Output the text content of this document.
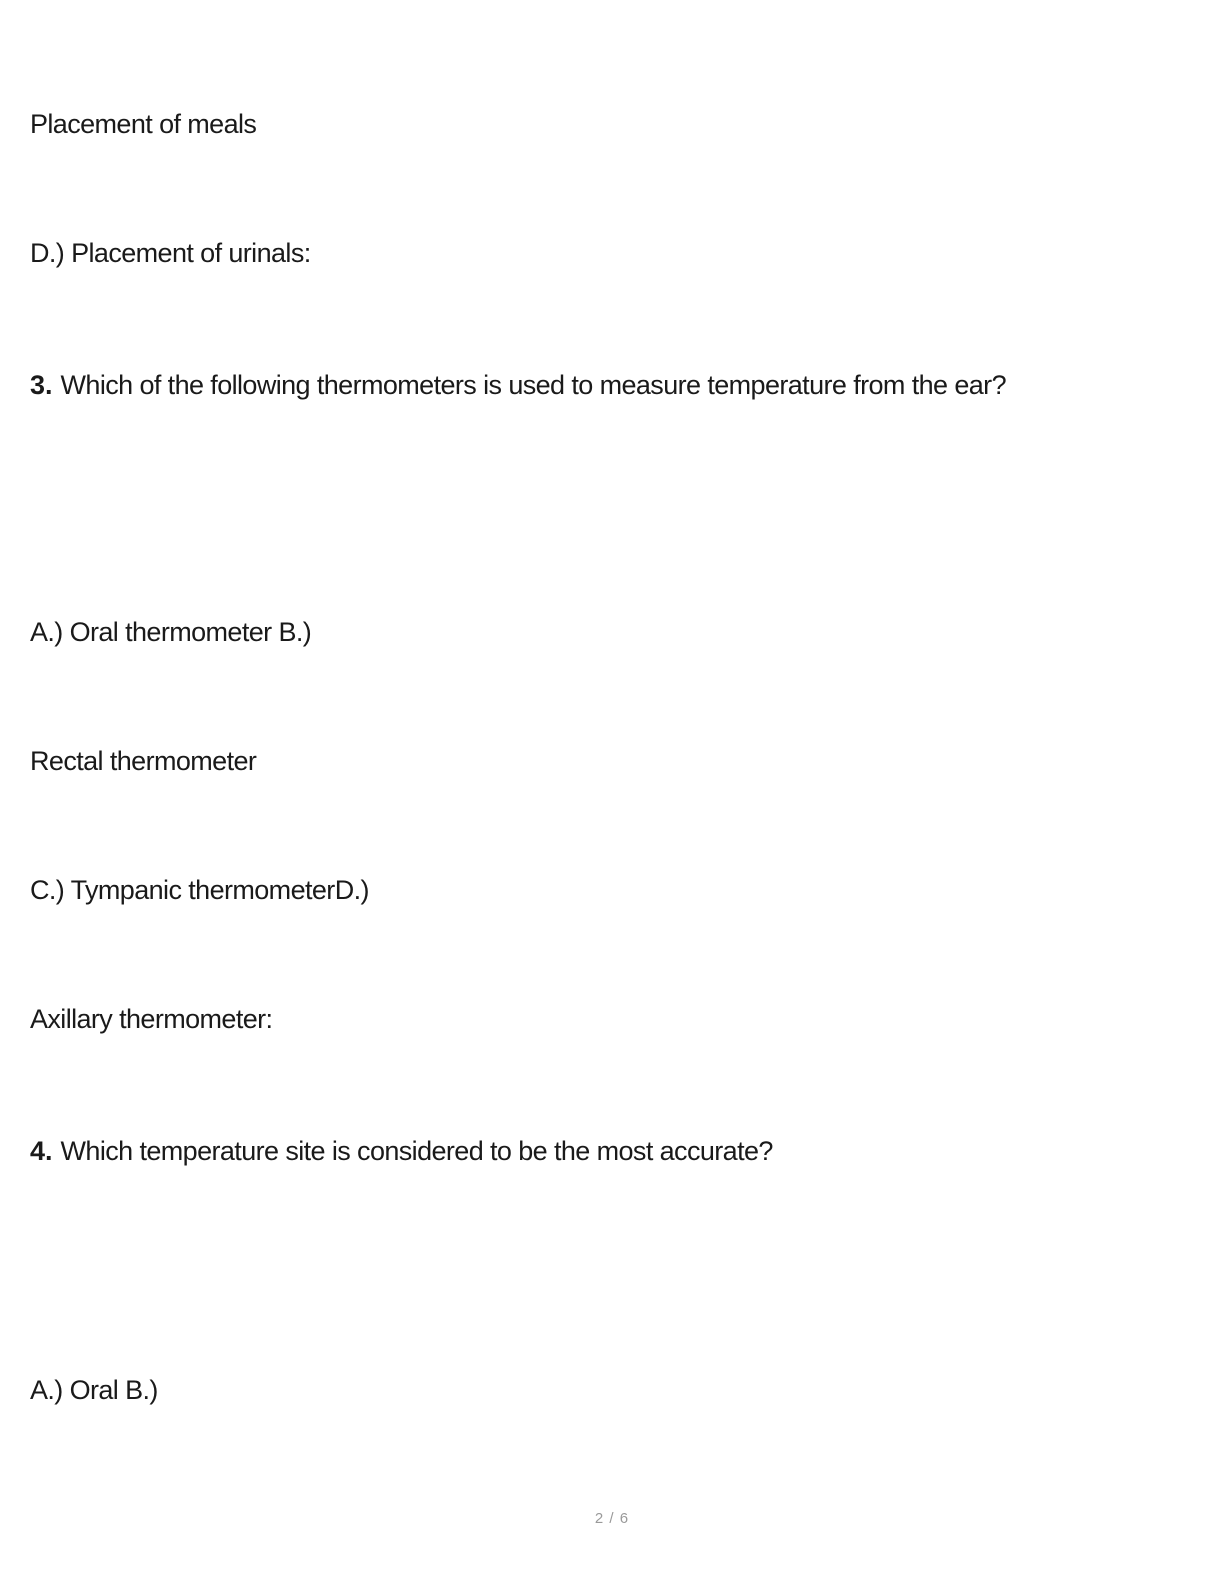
Placement of meals
D.) Placement of urinals:
3. Which of the following thermometers is used to measure temperature from the ear?
A.) Oral thermometer B.)
Rectal thermometer
C.) Tympanic thermometerD.)
Axillary thermometer:
4. Which temperature site is considered to be the most accurate?
A.) Oral B.)
2 / 6
